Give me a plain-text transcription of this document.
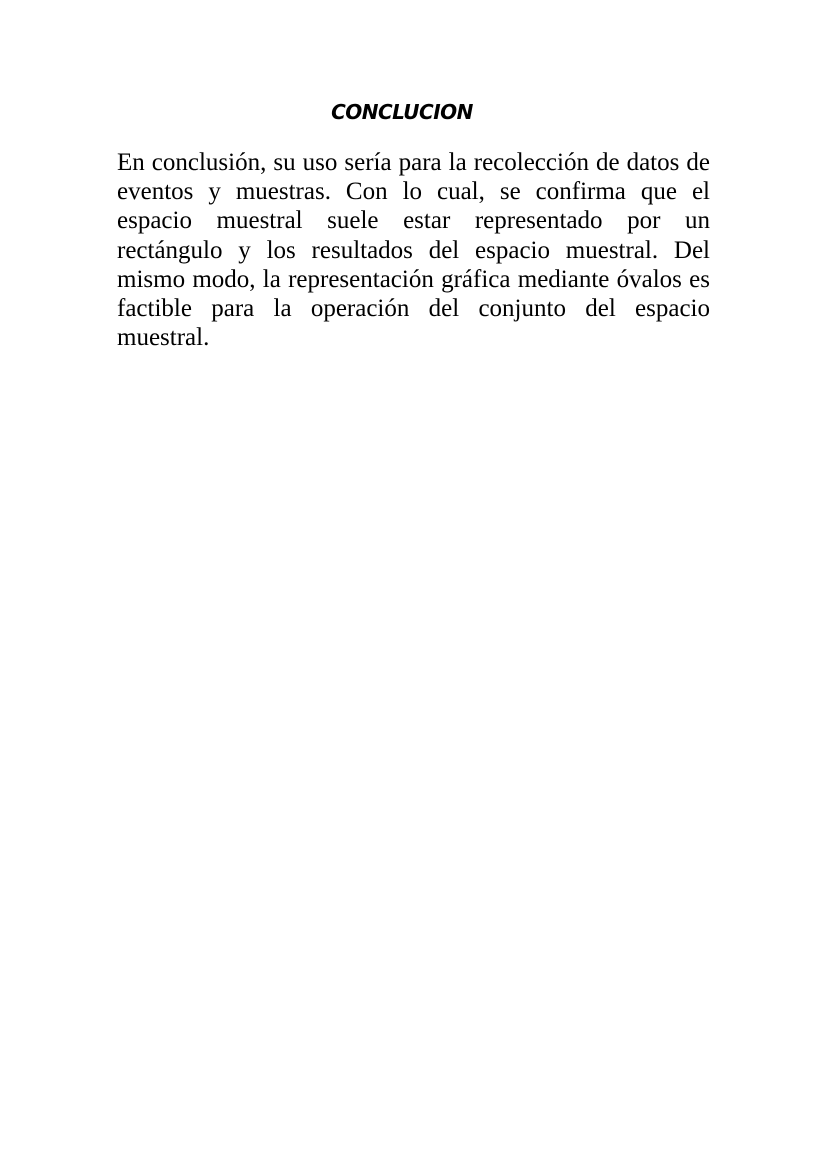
CONCLUCION

En conclusión, su uso sería para la recolección de datos de eventos y muestras. Con lo cual, se confirma que el espacio muestral suele estar representado por un rectángulo y los resultados del espacio muestral. Del mismo modo, la representación gráfica mediante óvalos es factible para la operación del conjunto del espacio muestral.
